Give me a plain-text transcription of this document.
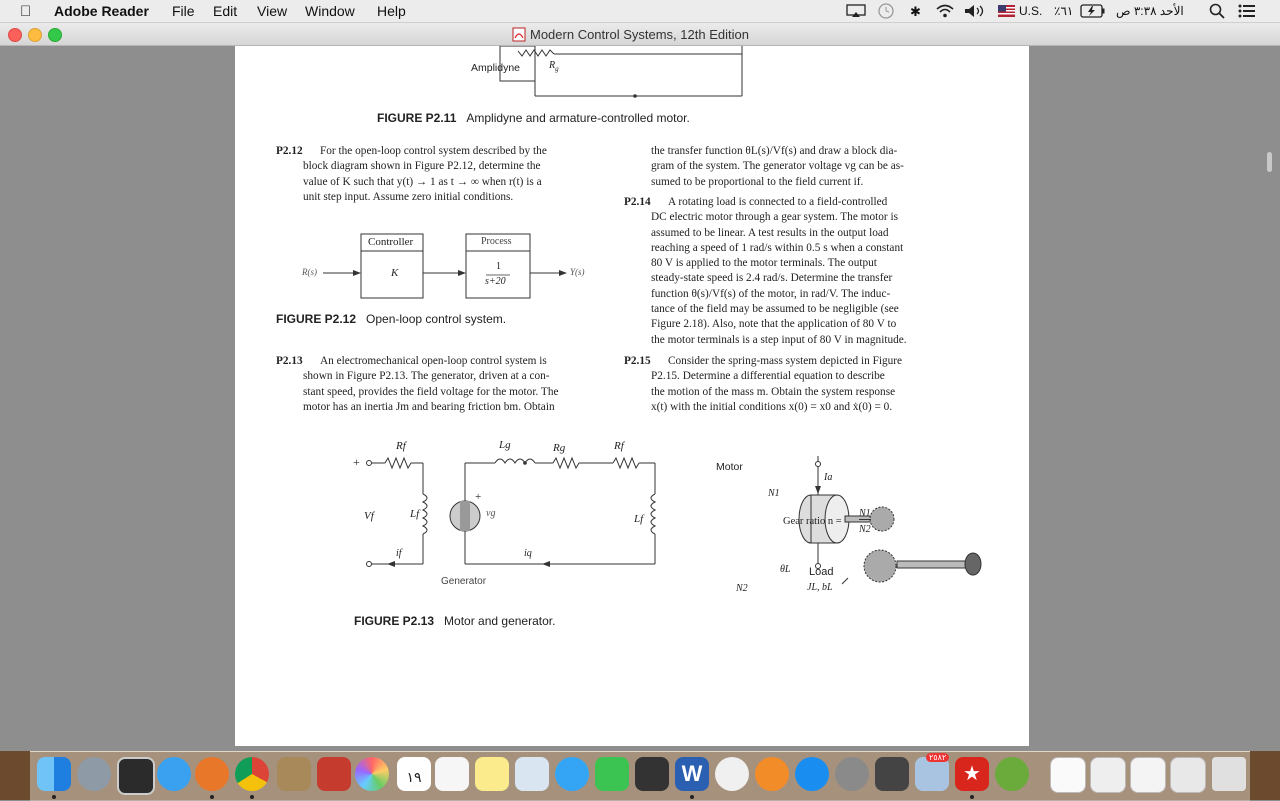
Adobe Reader File Edit View Window Help	✱	U.S. ٪٦١	الأحد ٣:٣٨ ص
Modern Control Systems, 12th Edition
Amplidyne	$R_g$
FIGURE P2.11 Amplidyne and armature-controlled motor.
P2.12 For the open-loop control system described by the
block diagram shown in Figure P2.12, determine the
value of K such that y(t) → 1 as t → ∞ when r(t) is a
unit step input. Assume zero initial conditions.
Controller	Process
K
1
s+20
R(s)	Y(s)
FIGURE P2.12 Open-loop control system.
P2.13 An electromechanical open-loop control system is
shown in Figure P2.13. The generator, driven at a con-
stant speed, provides the field voltage for the motor. The
motor has an inertia Jm and bearing friction bm. Obtain
the transfer function θL(s)/Vf(s) and draw a block dia-
gram of the system. The generator voltage vg can be as-
sumed to be proportional to the field current if.
P2.14 A rotating load is connected to a field-controlled
DC electric motor through a gear system. The motor is
assumed to be linear. A test results in the output load
reaching a speed of 1 rad/s within 0.5 s when a constant
80 V is applied to the motor terminals. The output
steady-state speed is 2.4 rad/s. Determine the transfer
function θ(s)/Vf(s) of the motor, in rad/V. The induc-
tance of the field may be assumed to be negligible (see
Figure 2.18). Also, note that the application of 80 V to
the motor terminals is a step input of 80 V in magnitude.
P2.15 Consider the spring-mass system depicted in Figure
P2.15. Determine a differential equation to describe
the motion of the mass m. Obtain the system response
x(t) with the initial conditions x(0) = x0 and ẋ(0) = 0.
Rf	Lg	Rg	Rf
+
Vf	Lf
+
vg	Lf
if	iq
Generator
Motor
Ia
N1
Gear ratio n =
N1
N2
θL Load
JL, bL
N2
FIGURE P2.13 Motor and generator.
١٩	W
٢٥٨٢
★
